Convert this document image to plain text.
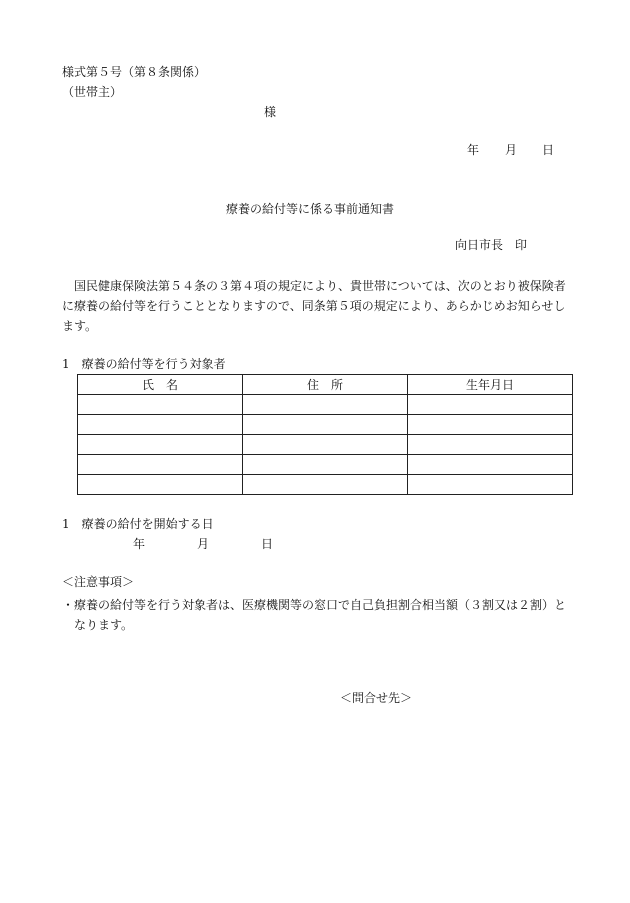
様式第５号（第８条関係）
（世帯主）
様
年 月 日
療養の給付等に係る事前通知書
向日市長　印
国民健康保険法第５４条の３第４項の規定により、貴世帯については、次のとおり被保険者に療養の給付等を行うこととなりますので、同条第５項の規定により、あらかじめお知らせします。
1　療養の給付等を行う対象者
氏　名	住　所	生年月日

1　療養の給付を開始する日
年	月	日
＜注意事項＞
・療養の給付等を行う対象者は、医療機関等の窓口で自己負担割合相当額（３割又は２割）となります。
＜問合せ先＞
